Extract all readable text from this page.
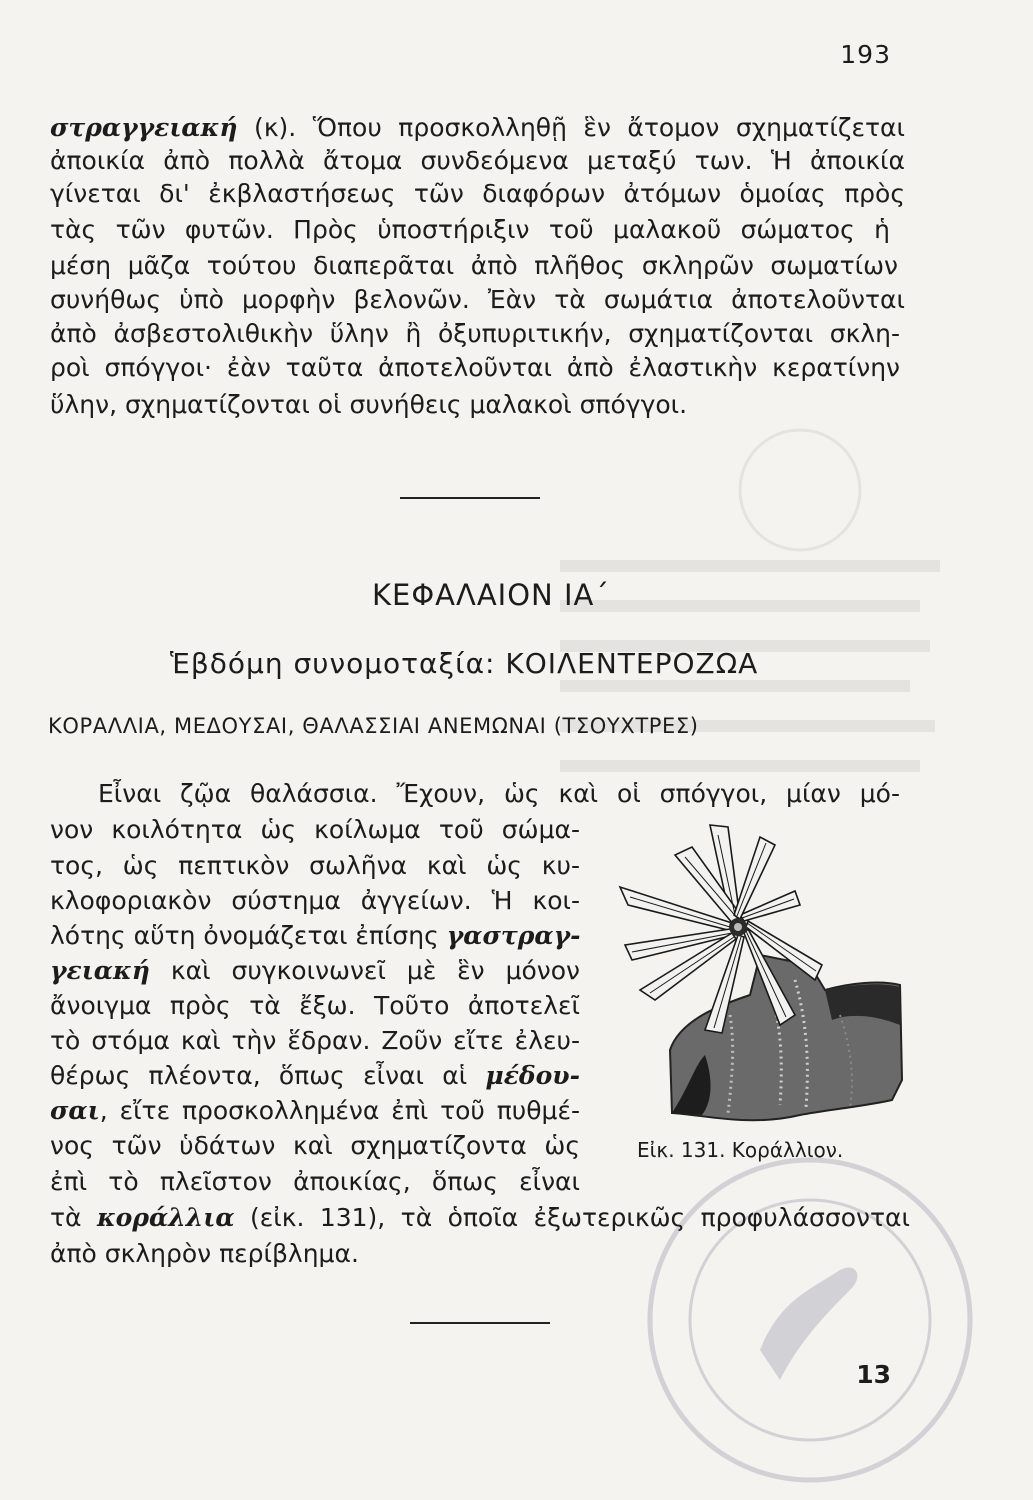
193
στραγγειακή (κ). Ὅπου προσκολληθῇ ἓν ἄτομον σχηματίζεται
ἀποικία ἀπὸ πολλὰ ἄτομα συνδεόμενα μεταξύ των. Ἡ ἀποικία
γίνεται δι' ἐκβλαστήσεως τῶν διαφόρων ἀτόμων ὁμοίας πρὸς
τὰς τῶν φυτῶν. Πρὸς ὑποστήριξιν τοῦ μαλακοῦ σώματος ἡ
μέση μᾶζα τούτου διαπερᾶται ἀπὸ πλῆθος σκληρῶν σωματίων
συνήθως ὑπὸ μορφὴν βελονῶν. Ἐὰν τὰ σωμάτια ἀποτελοῦνται
ἀπὸ ἀσβεστολιθικὴν ὕλην ἢ ὀξυπυριτικήν, σχηματίζονται σκλη-
ροὶ σπόγγοι· ἐὰν ταῦτα ἀποτελοῦνται ἀπὸ ἐλαστικὴν κερατίνην
ὕλην, σχηματίζονται οἱ συνήθεις μαλακοὶ σπόγγοι.
ΚΕΦΑΛΑΙΟΝ ΙΑ΄
Ἑβδόμη συνομοταξία: ΚΟΙΛΕΝΤΕΡΟΖΩΑ
ΚΟΡΑΛΛΙΑ, ΜΕΔΟΥΣΑΙ, ΘΑΛΑΣΣΙΑΙ ΑΝΕΜΩΝΑΙ (ΤΣΟΥΧΤΡΕΣ)
Εἶναι ζῷα θαλάσσια. Ἔχουν, ὡς καὶ οἱ σπόγγοι, μίαν μό-
νον κοιλότητα ὡς κοίλωμα τοῦ σώμα-
τος, ὡς πεπτικὸν σωλῆνα καὶ ὡς κυ-
κλοφοριακὸν σύστημα ἀγγείων. Ἡ κοι-
λότης αὕτη ὀνομάζεται ἐπίσης γαστραγ-
γειακή καὶ συγκοινωνεῖ μὲ ἓν μόνον
ἄνοιγμα πρὸς τὰ ἔξω. Τοῦτο ἀποτελεῖ
τὸ στόμα καὶ τὴν ἕδραν. Ζοῦν εἴτε ἐλευ-
θέρως πλέοντα, ὅπως εἶναι αἱ μέδου-
σαι, εἴτε προσκολλημένα ἐπὶ τοῦ πυθμέ-
νος τῶν ὑδάτων καὶ σχηματίζοντα ὡς
ἐπὶ τὸ πλεῖστον ἀποικίας, ὅπως εἶναι
τὰ κοράλλια (εἰκ. 131), τὰ ὁποῖα ἐξωτερικῶς προφυλάσσονται
ἀπὸ σκληρὸν περίβλημα.
Εἰκ. 131. Κοράλλιον.
13
